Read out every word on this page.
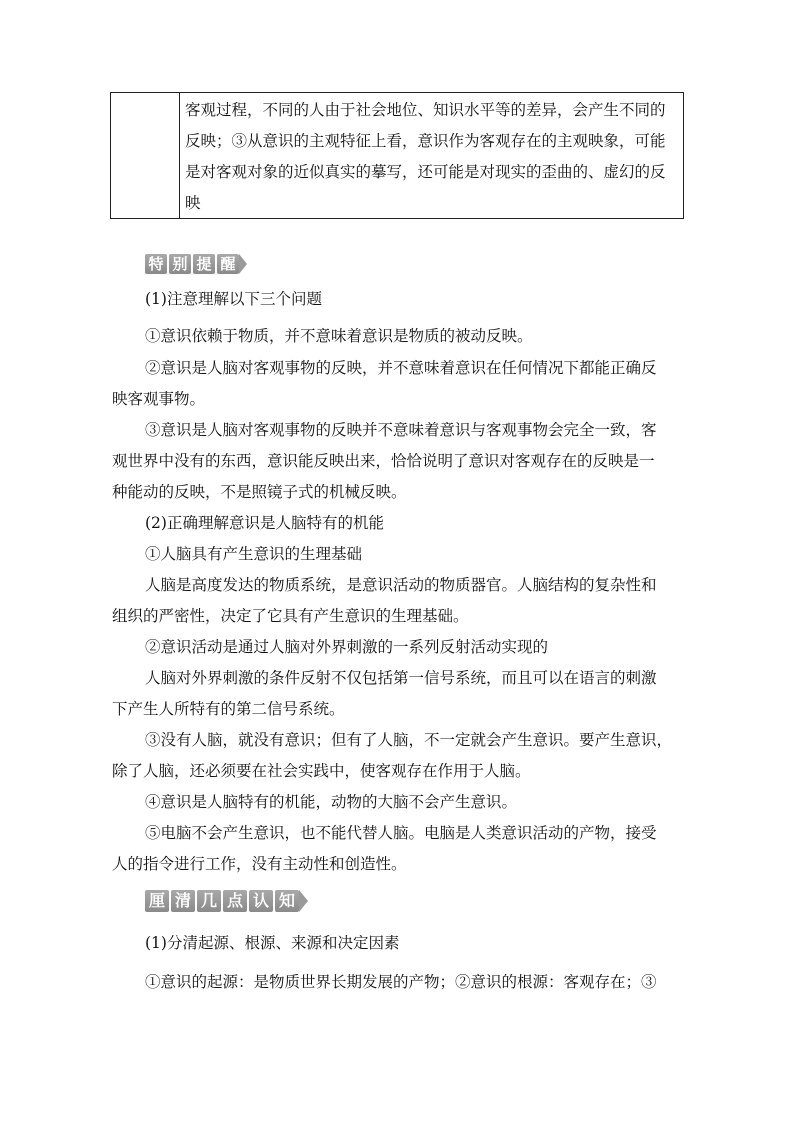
客观过程，不同的人由于社会地位、知识水平等的差异，会产生不同的
反映；③从意识的主观特征上看，意识作为客观存在的主观映象，可能
是对客观对象的近似真实的摹写，还可能是对现实的歪曲的、虚幻的反
映
特 别 提 醒
(1)注意理解以下三个问题
①意识依赖于物质，并不意味着意识是物质的被动反映。
②意识是人脑对客观事物的反映，并不意味着意识在任何情况下都能正确反
映客观事物。
③意识是人脑对客观事物的反映并不意味着意识与客观事物会完全一致，客
观世界中没有的东西，意识能反映出来，恰恰说明了意识对客观存在的反映是一
种能动的反映，不是照镜子式的机械反映。
(2)正确理解意识是人脑特有的机能
①人脑具有产生意识的生理基础
人脑是高度发达的物质系统，是意识活动的物质器官。人脑结构的复杂性和
组织的严密性，决定了它具有产生意识的生理基础。
②意识活动是通过人脑对外界刺激的一系列反射活动实现的
人脑对外界刺激的条件反射不仅包括第一信号系统，而且可以在语言的刺激
下产生人所特有的第二信号系统。
③没有人脑，就没有意识；但有了人脑，不一定就会产生意识。要产生意识，
除了人脑，还必须要在社会实践中，使客观存在作用于人脑。
④意识是人脑特有的机能，动物的大脑不会产生意识。
⑤电脑不会产生意识，也不能代替人脑。电脑是人类意识活动的产物，接受
人的指令进行工作，没有主动性和创造性。
厘 清 几 点 认 知
(1)分清起源、根源、来源和决定因素
①意识的起源：是物质世界长期发展的产物；②意识的根源：客观存在；③
